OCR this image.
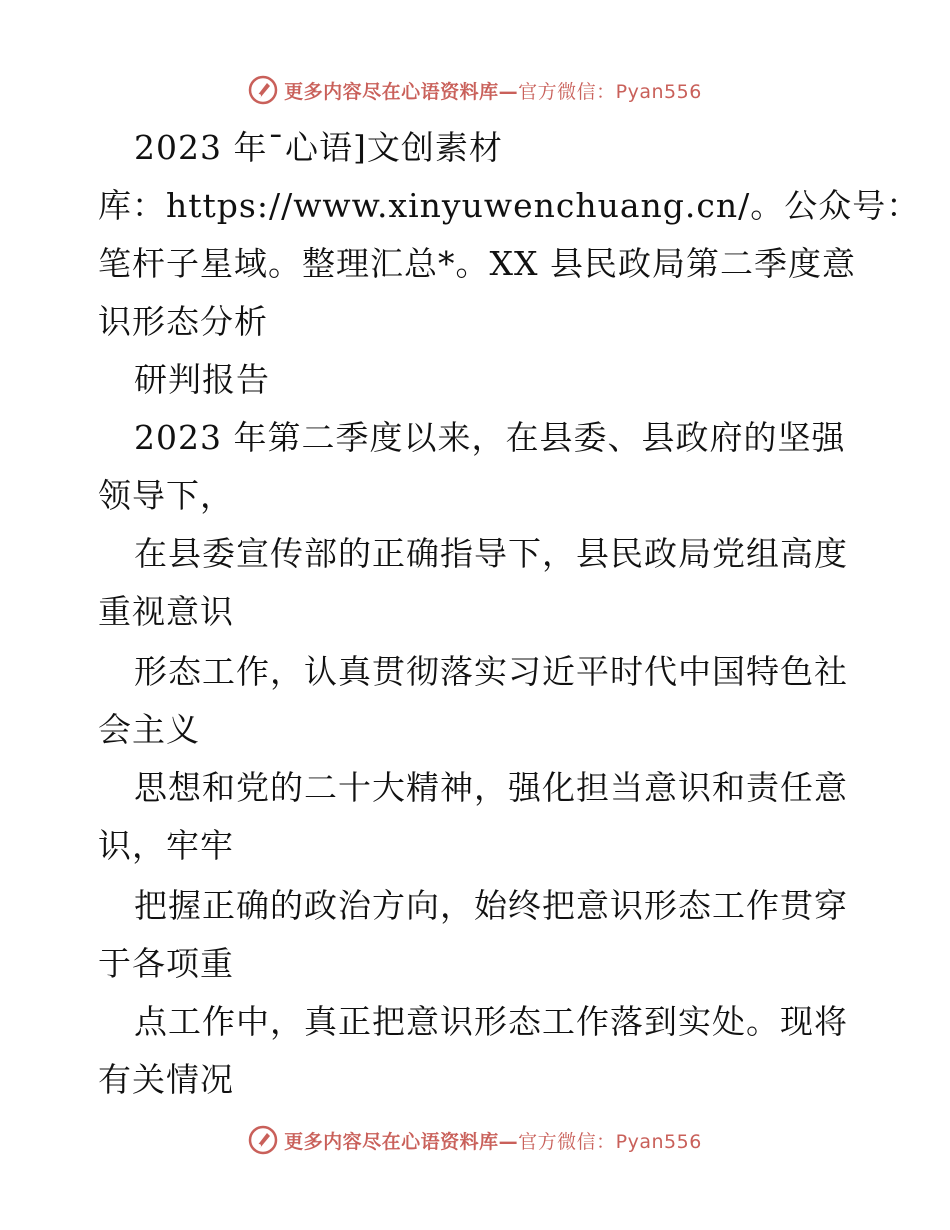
更多内容尽在心语资料库—官方微信：Pyan556
2023 年¯心语]文创素材
库：https://www.xinyuwenchuang.cn/。公众号：
笔杆子星域。整理汇总*。XX 县民政局第二季度意
识形态分析
研判报告
2023 年第二季度以来，在县委、县政府的坚强
领导下，
在县委宣传部的正确指导下，县民政局党组高度
重视意识
形态工作，认真贯彻落实习近平时代中国特色社
会主义
思想和党的二十大精神，强化担当意识和责任意
识，牢牢
把握正确的政治方向，始终把意识形态工作贯穿
于各项重
点工作中，真正把意识形态工作落到实处。现将
有关情况
更多内容尽在心语资料库—官方微信：Pyan556
